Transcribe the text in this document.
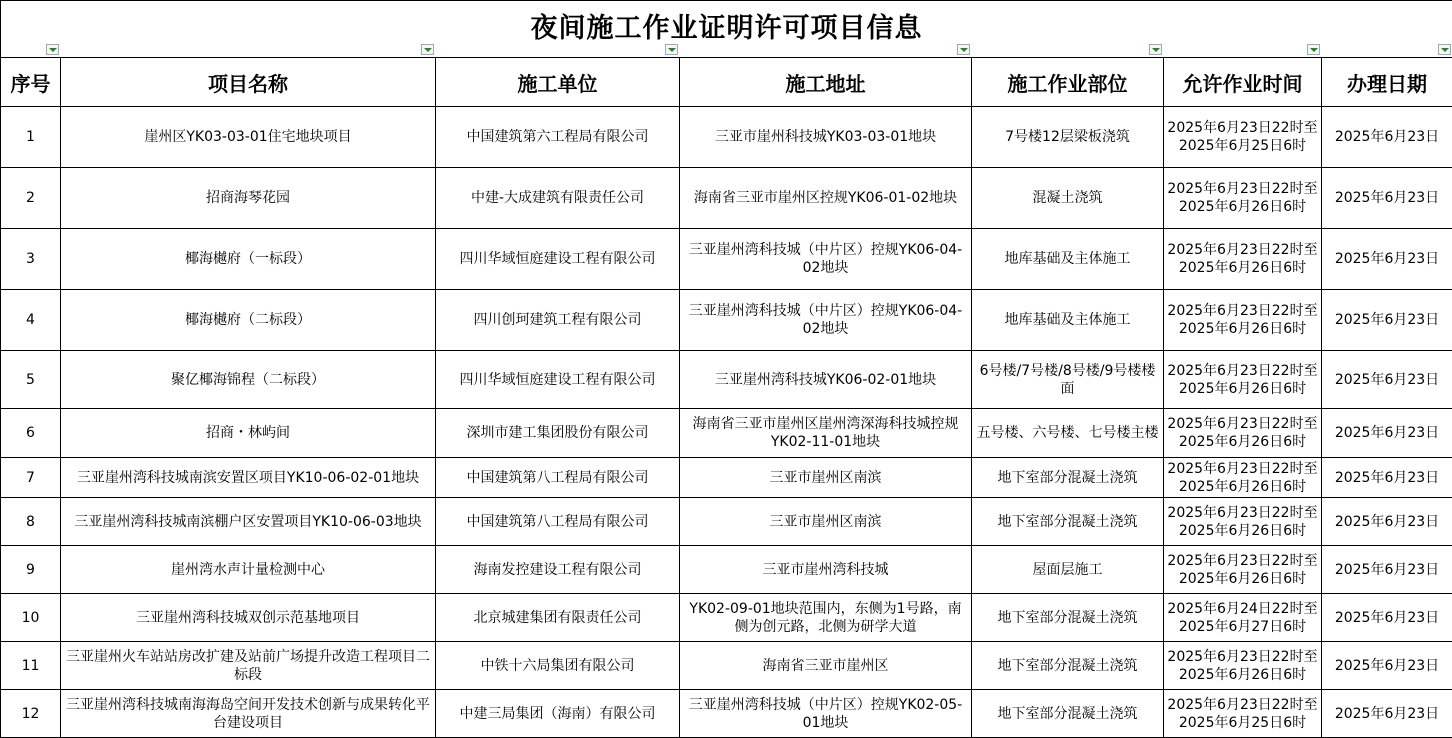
夜间施工作业证明许可项目信息						

序号	项目名称	施工单位	施工地址	施工作业部位	允许作业时间	办理日期
1	崖州区YK03-03-01住宅地块项目	中国建筑第六工程局有限公司	三亚市崖州科技城YK03-03-01地块	7号楼12层梁板浇筑	2025年6月23日22时至2025年6月25日6时	2025年6月23日
2	招商海琴花园	中建-大成建筑有限责任公司	海南省三亚市崖州区控规YK06-01-02地块	混凝土浇筑	2025年6月23日22时至2025年6月26日6时	2025年6月23日
3	椰海樾府（一标段）	四川华域恒庭建设工程有限公司	三亚崖州湾科技城（中片区）控规YK06-04-02地块	地库基础及主体施工	2025年6月23日22时至2025年6月26日6时	2025年6月23日
4	椰海樾府（二标段）	四川创珂建筑工程有限公司	三亚崖州湾科技城（中片区）控规YK06-04-02地块	地库基础及主体施工	2025年6月23日22时至2025年6月26日6时	2025年6月23日
5	聚亿椰海锦程（二标段）	四川华域恒庭建设工程有限公司	三亚崖州湾科技城YK06-02-01地块	6号楼/7号楼/8号楼/9号楼楼面	2025年6月23日22时至2025年6月26日6时	2025年6月23日
6	招商・林屿间	深圳市建工集团股份有限公司	海南省三亚市崖州区崖州湾深海科技城控规YK02-11-01地块	五号楼、六号楼、七号楼主楼	2025年6月23日22时至2025年6月26日6时	2025年6月23日
7	三亚崖州湾科技城南滨安置区项目YK10-06-02-01地块	中国建筑第八工程局有限公司	三亚市崖州区南滨	地下室部分混凝土浇筑	2025年6月23日22时至2025年6月26日6时	2025年6月23日
8	三亚崖州湾科技城南滨棚户区安置项目YK10-06-03地块	中国建筑第八工程局有限公司	三亚市崖州区南滨	地下室部分混凝土浇筑	2025年6月23日22时至2025年6月26日6时	2025年6月23日
9	崖州湾水声计量检测中心	海南发控建设工程有限公司	三亚市崖州湾科技城	屋面层施工	2025年6月23日22时至2025年6月26日6时	2025年6月23日
10	三亚崖州湾科技城双创示范基地项目	北京城建集团有限责任公司	YK02-09-01地块范围内，东侧为1号路，南侧为创元路，北侧为研学大道	地下室部分混凝土浇筑	2025年6月24日22时至2025年6月27日6时	2025年6月23日
11	三亚崖州火车站站房改扩建及站前广场提升改造工程项目二标段	中铁十六局集团有限公司	海南省三亚市崖州区	地下室部分混凝土浇筑	2025年6月23日22时至2025年6月26日6时	2025年6月23日
12	三亚崖州湾科技城南海海岛空间开发技术创新与成果转化平台建设项目	中建三局集团（海南）有限公司	三亚崖州湾科技城（中片区）控规YK02-05-01地块	地下室部分混凝土浇筑	2025年6月23日22时至2025年6月25日6时	2025年6月23日
